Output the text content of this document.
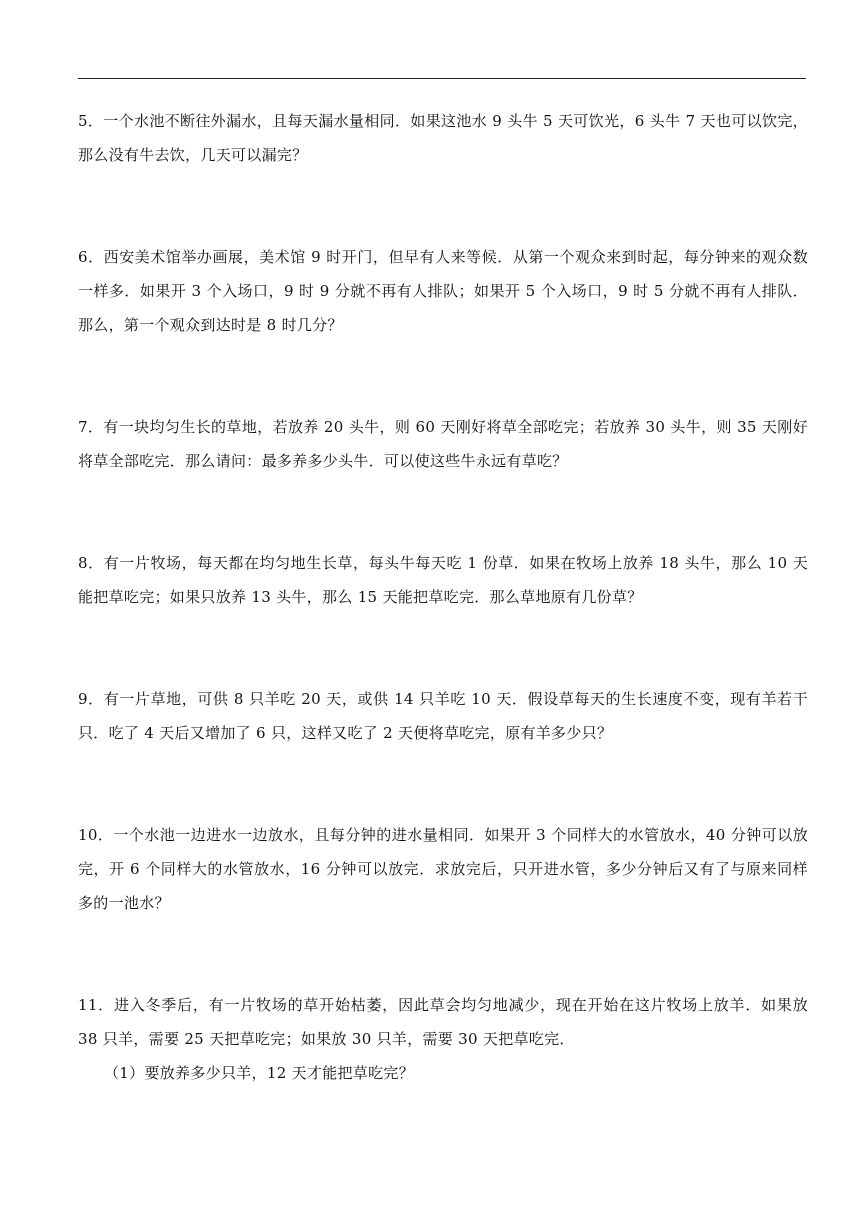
5．一个水池不断往外漏水，且每天漏水量相同．如果这池水 9 头牛 5 天可饮光，6 头牛 7 天也可以饮完，那么没有牛去饮，几天可以漏完？

6．西安美术馆举办画展，美术馆 9 时开门，但早有人来等候．从第一个观众来到时起，每分钟来的观众数一样多．如果开 3 个入场口，9 时 9 分就不再有人排队；如果开 5 个入场口，9 时 5 分就不再有人排队．那么，第一个观众到达时是 8 时几分？

7．有一块均匀生长的草地，若放养 20 头牛，则 60 天刚好将草全部吃完；若放养 30 头牛，则 35 天刚好将草全部吃完．那么请问：最多养多少头牛．可以使这些牛永远有草吃？

8．有一片牧场，每天都在均匀地生长草，每头牛每天吃 1 份草．如果在牧场上放养 18 头牛，那么 10 天能把草吃完；如果只放养 13 头牛，那么 15 天能把草吃完．那么草地原有几份草？

9．有一片草地，可供 8 只羊吃 20 天，或供 14 只羊吃 10 天．假设草每天的生长速度不变，现有羊若干只．吃了 4 天后又增加了 6 只，这样又吃了 2 天便将草吃完，原有羊多少只？

10．一个水池一边进水一边放水，且每分钟的进水量相同．如果开 3 个同样大的水管放水，40 分钟可以放完，开 6 个同样大的水管放水，16 分钟可以放完．求放完后，只开进水管，多少分钟后又有了与原来同样多的一池水？

11．进入冬季后，有一片牧场的草开始枯萎，因此草会均匀地减少，现在开始在这片牧场上放羊．如果放 38 只羊，需要 25 天把草吃完；如果放 30 只羊，需要 30 天把草吃完．

（1）要放养多少只羊，12 天才能把草吃完？
